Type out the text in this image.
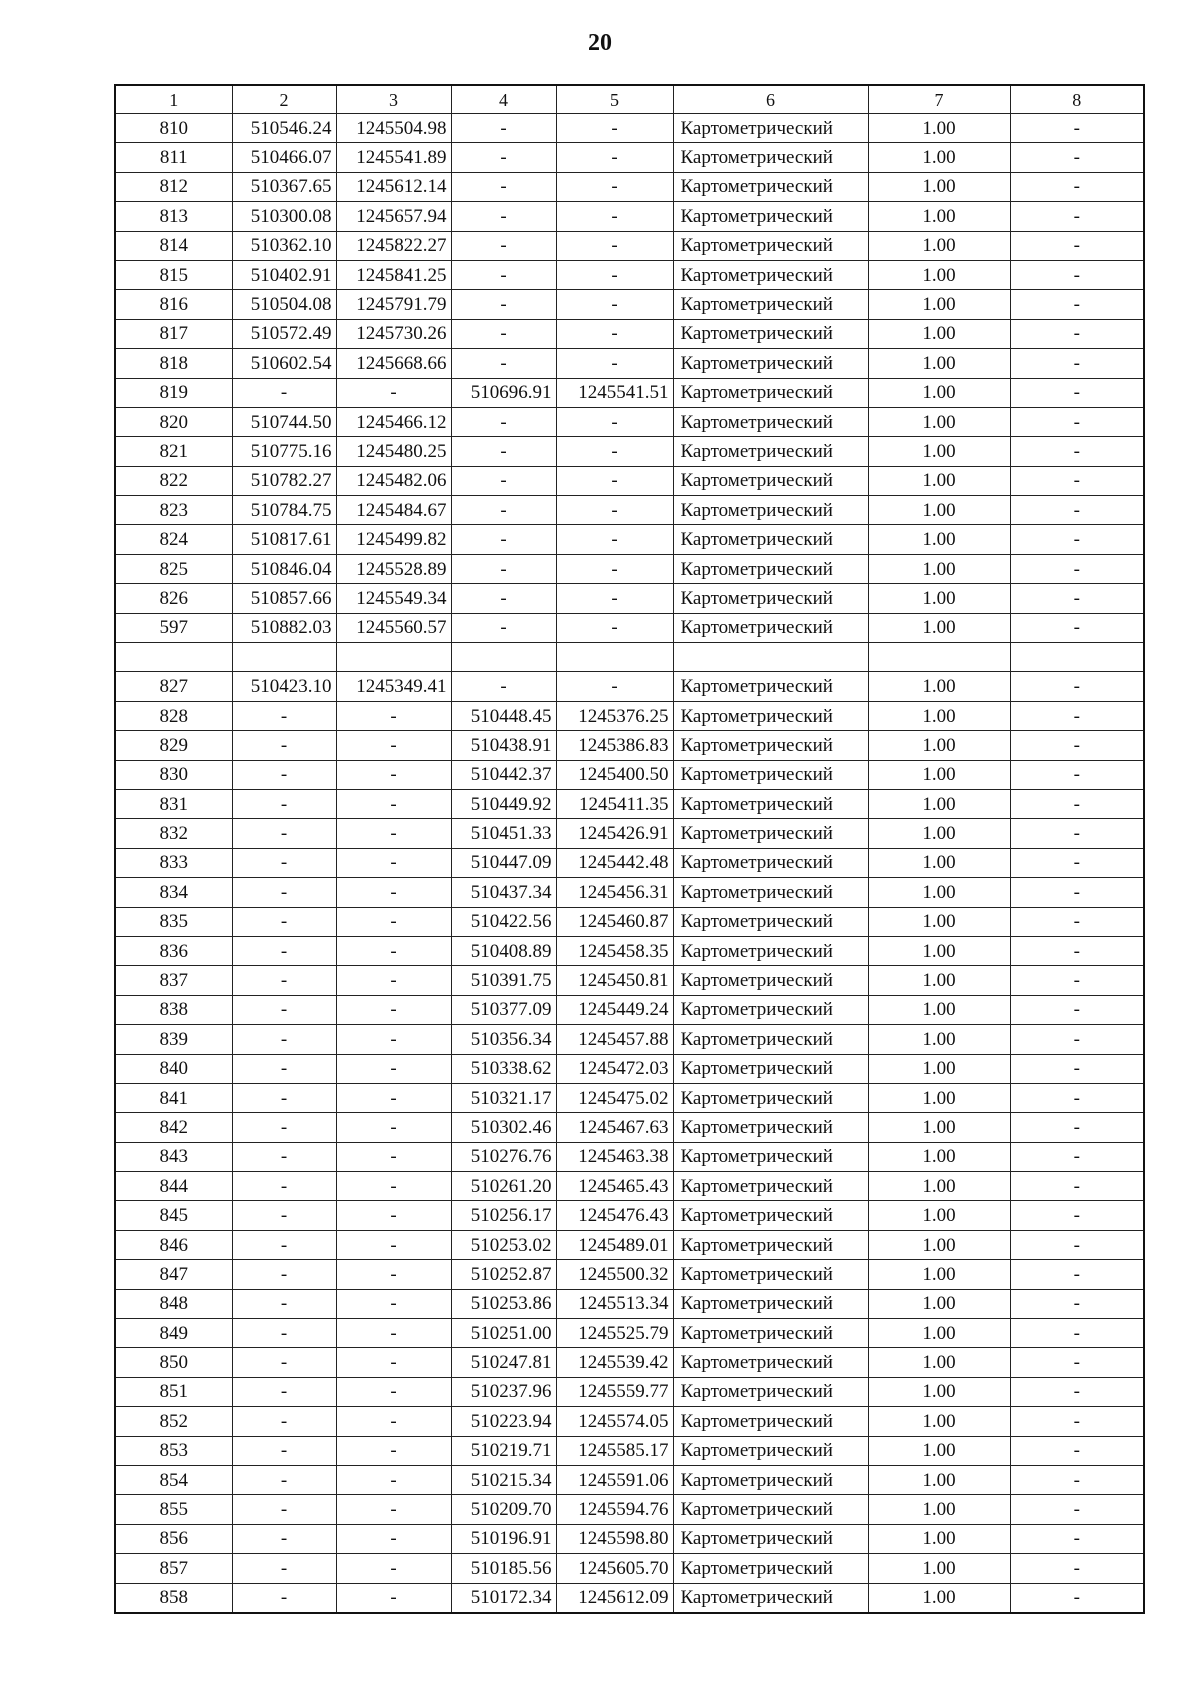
20
1	2	3	4	5	6	7	8
810	510546.24	1245504.98	-	-	Картометрический	1.00	-
811	510466.07	1245541.89	-	-	Картометрический	1.00	-
812	510367.65	1245612.14	-	-	Картометрический	1.00	-
813	510300.08	1245657.94	-	-	Картометрический	1.00	-
814	510362.10	1245822.27	-	-	Картометрический	1.00	-
815	510402.91	1245841.25	-	-	Картометрический	1.00	-
816	510504.08	1245791.79	-	-	Картометрический	1.00	-
817	510572.49	1245730.26	-	-	Картометрический	1.00	-
818	510602.54	1245668.66	-	-	Картометрический	1.00	-
819	-	-	510696.91	1245541.51	Картометрический	1.00	-
820	510744.50	1245466.12	-	-	Картометрический	1.00	-
821	510775.16	1245480.25	-	-	Картометрический	1.00	-
822	510782.27	1245482.06	-	-	Картометрический	1.00	-
823	510784.75	1245484.67	-	-	Картометрический	1.00	-
824	510817.61	1245499.82	-	-	Картометрический	1.00	-
825	510846.04	1245528.89	-	-	Картометрический	1.00	-
826	510857.66	1245549.34	-	-	Картометрический	1.00	-
597	510882.03	1245560.57	-	-	Картометрический	1.00	-

827	510423.10	1245349.41	-	-	Картометрический	1.00	-
828	-	-	510448.45	1245376.25	Картометрический	1.00	-
829	-	-	510438.91	1245386.83	Картометрический	1.00	-
830	-	-	510442.37	1245400.50	Картометрический	1.00	-
831	-	-	510449.92	1245411.35	Картометрический	1.00	-
832	-	-	510451.33	1245426.91	Картометрический	1.00	-
833	-	-	510447.09	1245442.48	Картометрический	1.00	-
834	-	-	510437.34	1245456.31	Картометрический	1.00	-
835	-	-	510422.56	1245460.87	Картометрический	1.00	-
836	-	-	510408.89	1245458.35	Картометрический	1.00	-
837	-	-	510391.75	1245450.81	Картометрический	1.00	-
838	-	-	510377.09	1245449.24	Картометрический	1.00	-
839	-	-	510356.34	1245457.88	Картометрический	1.00	-
840	-	-	510338.62	1245472.03	Картометрический	1.00	-
841	-	-	510321.17	1245475.02	Картометрический	1.00	-
842	-	-	510302.46	1245467.63	Картометрический	1.00	-
843	-	-	510276.76	1245463.38	Картометрический	1.00	-
844	-	-	510261.20	1245465.43	Картометрический	1.00	-
845	-	-	510256.17	1245476.43	Картометрический	1.00	-
846	-	-	510253.02	1245489.01	Картометрический	1.00	-
847	-	-	510252.87	1245500.32	Картометрический	1.00	-
848	-	-	510253.86	1245513.34	Картометрический	1.00	-
849	-	-	510251.00	1245525.79	Картометрический	1.00	-
850	-	-	510247.81	1245539.42	Картометрический	1.00	-
851	-	-	510237.96	1245559.77	Картометрический	1.00	-
852	-	-	510223.94	1245574.05	Картометрический	1.00	-
853	-	-	510219.71	1245585.17	Картометрический	1.00	-
854	-	-	510215.34	1245591.06	Картометрический	1.00	-
855	-	-	510209.70	1245594.76	Картометрический	1.00	-
856	-	-	510196.91	1245598.80	Картометрический	1.00	-
857	-	-	510185.56	1245605.70	Картометрический	1.00	-
858	-	-	510172.34	1245612.09	Картометрический	1.00	-
